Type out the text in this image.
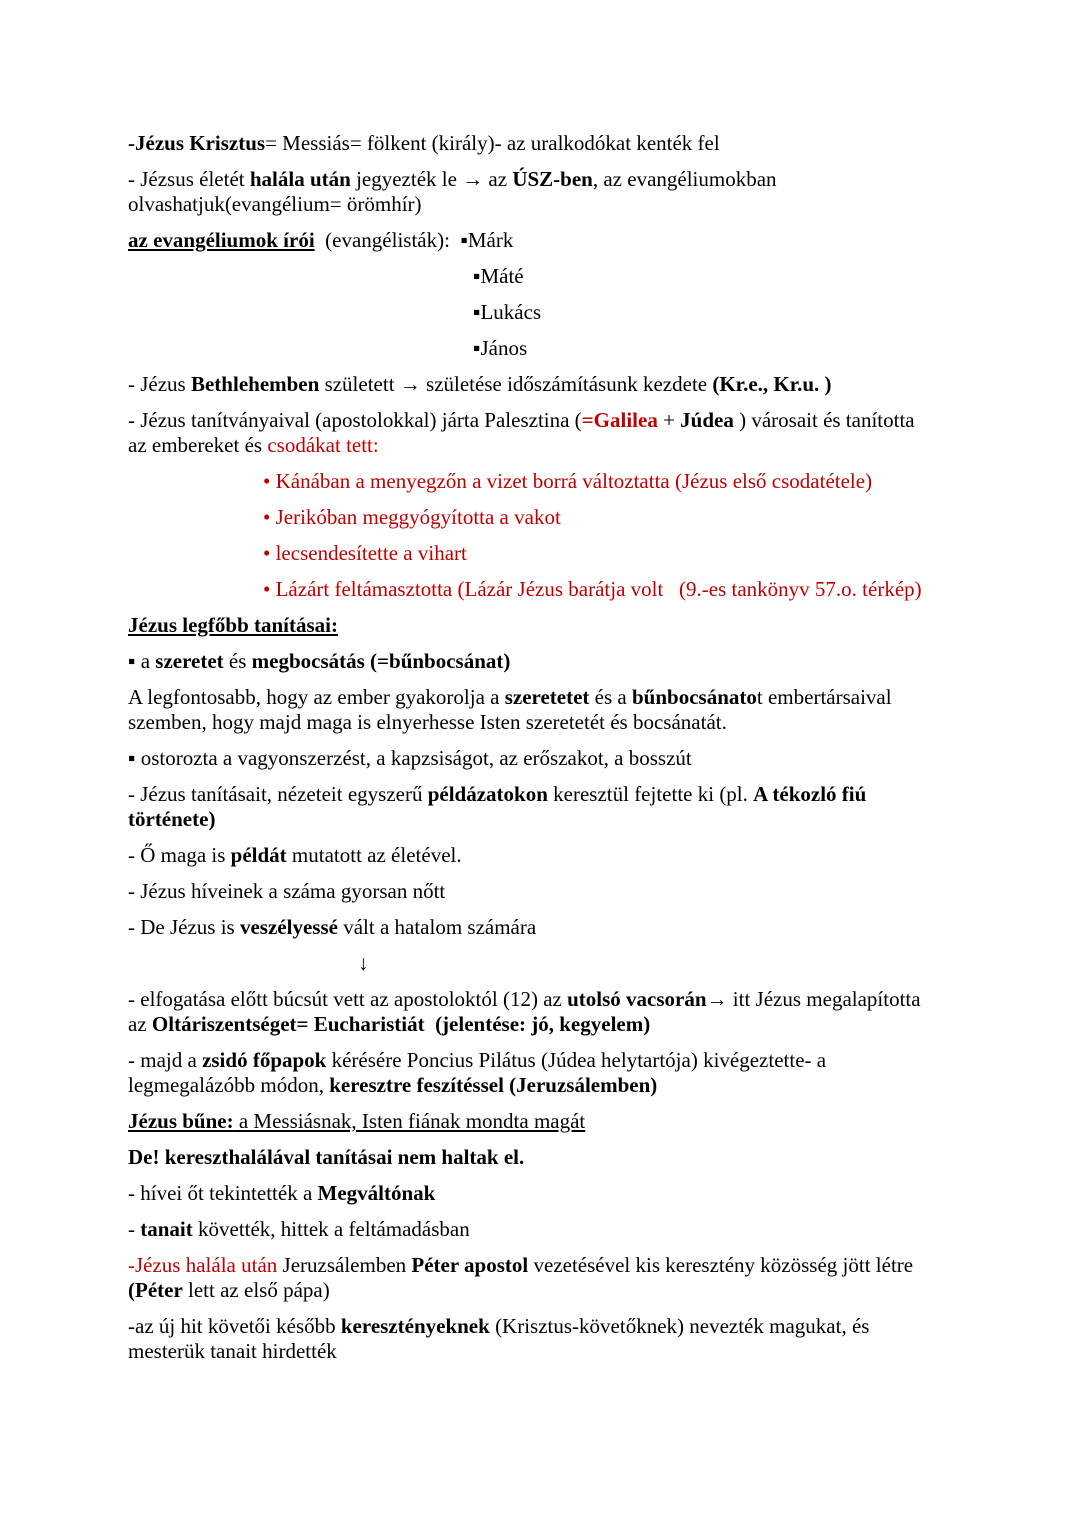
-Jézus Krisztus= Messiás= fölkent (király)- az uralkodókat kenték fel

- Jézsus életét halála után jegyezték le → az ÚSZ-ben, az evangéliumokban
olvashatjuk(evangélium= örömhír)

az evangéliumok írói  (evangélisták):  ▪Márk

▪Máté

▪Lukács

▪János

- Jézus Bethlehemben született → születése időszámításunk kezdete (Kr.e., Kr.u. )

- Jézus tanítványaival (apostolokkal) járta Palesztina (=Galilea + Júdea ) városait és tanította
az embereket és csodákat tett:

• Kánában a menyegzőn a vizet borrá változtatta (Jézus első csodatétele)

• Jerikóban meggyógyította a vakot

• lecsendesítette a vihart

• Lázárt feltámasztotta (Lázár Jézus barátja volt   (9.-es tankönyv 57.o. térkép)

Jézus legfőbb tanításai:

▪ a szeretet és megbocsátás (=bűnbocsánat)

A legfontosabb, hogy az ember gyakorolja a szeretetet és a bűnbocsánatot embertársaival
szemben, hogy majd maga is elnyerhesse Isten szeretetét és bocsánatát.

▪ ostorozta a vagyonszerzést, a kapzsiságot, az erőszakot, a bosszút

- Jézus tanításait, nézeteit egyszerű példázatokon keresztül fejtette ki (pl. A tékozló fiú
története)

- Ő maga is példát mutatott az életével.

- Jézus híveinek a száma gyorsan nőtt

- De Jézus is veszélyessé vált a hatalom számára

↓

- elfogatása előtt búcsút vett az apostoloktól (12) az utolsó vacsorán→ itt Jézus megalapította
az Oltáriszentséget= Eucharistiát  (jelentése: jó, kegyelem)

- majd a zsidó főpapok kérésére Poncius Pilátus (Júdea helytartója) kivégeztette- a
legmegalázóbb módon, keresztre feszítéssel (Jeruzsálemben)

Jézus bűne: a Messiásnak, Isten fiának mondta magát

De! kereszthalálával tanításai nem haltak el.

- hívei őt tekintették a Megváltónak

- tanait követték, hittek a feltámadásban

-Jézus halála után Jeruzsálemben Péter apostol vezetésével kis keresztény közösség jött létre
(Péter lett az első pápa)

-az új hit követői később keresztényeknek (Krisztus-követőknek) nevezték magukat, és
mesterük tanait hirdették
